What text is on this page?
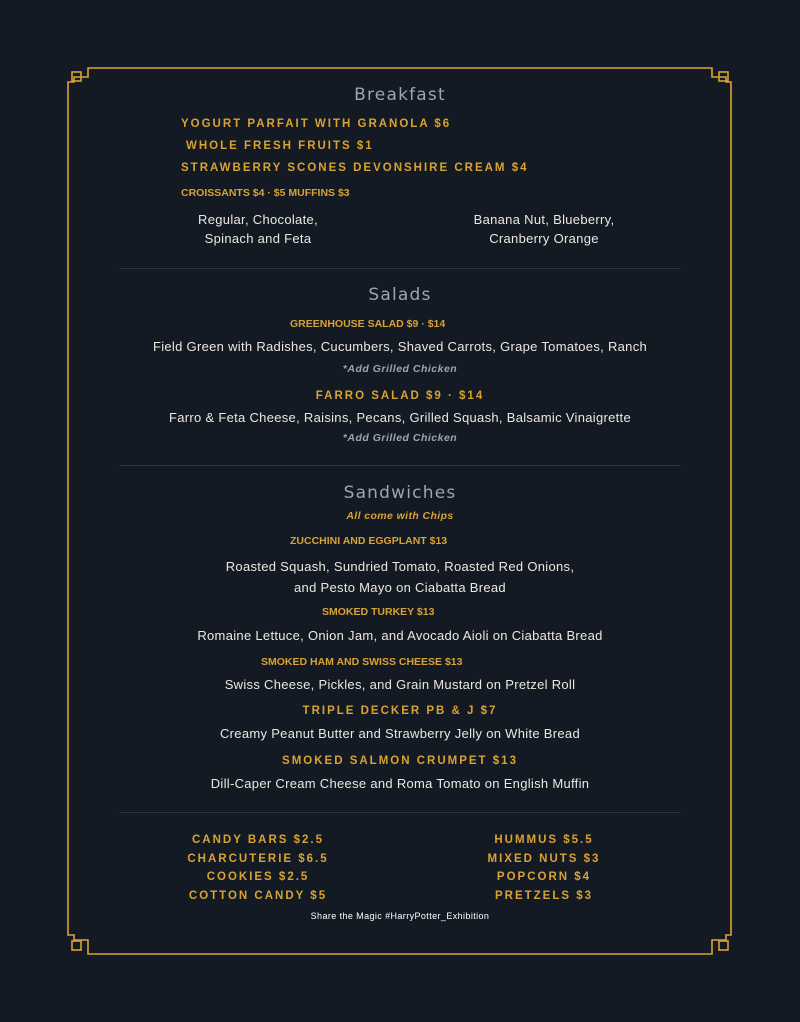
Breakfast
YOGURT PARFAIT WITH GRANOLA $6
WHOLE FRESH FRUITS $1
STRAWBERRY SCONES DEVONSHIRE CREAM $4
CROISSANTS $4 · $5 MUFFINS $3
Regular, Chocolate,
Spinach and Feta
Banana Nut, Blueberry,
Cranberry Orange
Salads
GREENHOUSE SALAD $9 · $14
Field Green with Radishes, Cucumbers, Shaved Carrots, Grape Tomatoes, Ranch
*Add Grilled Chicken
FARRO SALAD $9 · $14
Farro & Feta Cheese, Raisins, Pecans, Grilled Squash, Balsamic Vinaigrette
*Add Grilled Chicken
Sandwiches
All come with Chips
ZUCCHINI AND EGGPLANT $13
Roasted Squash, Sundried Tomato, Roasted Red Onions,
and Pesto Mayo on Ciabatta Bread
SMOKED TURKEY $13
Romaine Lettuce, Onion Jam, and Avocado Aioli on Ciabatta Bread
SMOKED HAM AND SWISS CHEESE $13
Swiss Cheese, Pickles, and Grain Mustard on Pretzel Roll
TRIPLE DECKER PB & J $7
Creamy Peanut Butter and Strawberry Jelly on White Bread
SMOKED SALMON CRUMPET $13
Dill-Caper Cream Cheese and Roma Tomato on English Muffin
CANDY BARS $2.5
CHARCUTERIE $6.5
COOKIES $2.5
COTTON CANDY $5
HUMMUS $5.5
MIXED NUTS $3
POPCORN $4
PRETZELS $3
Share the Magic #HarryPotter_Exhibition
